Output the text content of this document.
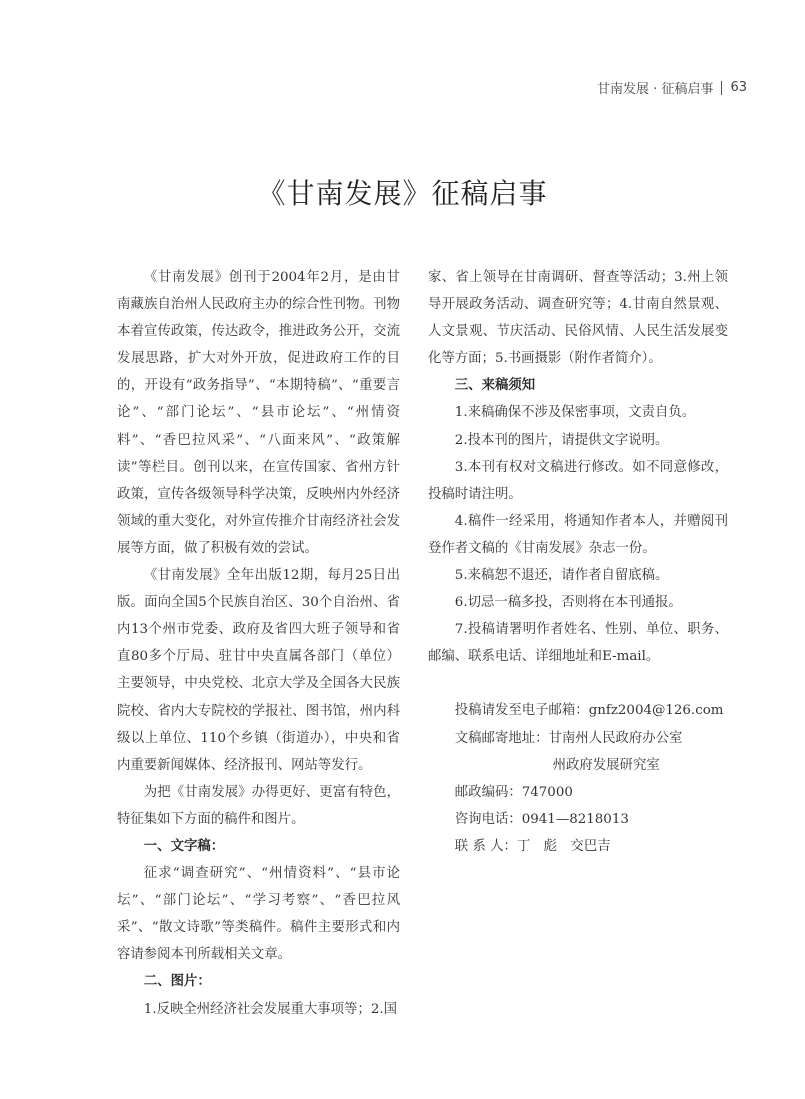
甘南发展 · 征稿启事 63
《甘南发展》征稿启事

《甘南发展》创刊于2004年2月，是由甘南藏族自治州人民政府主办的综合性刊物。刊物本着宣传政策，传达政令，推进政务公开，交流发展思路，扩大对外开放，促进政府工作的目的，开设有“政务指导”、“本期特稿”、“重要言论”、“部门论坛”、“县市论坛”、“州情资料”、“香巴拉风采”、“八面来风”、“政策解读”等栏目。创刊以来，在宣传国家、省州方针政策，宣传各级领导科学决策，反映州内外经济领域的重大变化，对外宣传推介甘南经济社会发展等方面，做了积极有效的尝试。

《甘南发展》全年出版12期，每月25日出版。面向全国5个民族自治区、30个自治州、省内13个州市党委、政府及省四大班子领导和省直80多个厅局、驻甘中央直属各部门（单位）主要领导，中央党校、北京大学及全国各大民族院校、省内大专院校的学报社、图书馆，州内科级以上单位、110个乡镇（街道办），中央和省内重要新闻媒体、经济报刊、网站等发行。

为把《甘南发展》办得更好、更富有特色，特征集如下方面的稿件和图片。

一、文字稿：

征求“调查研究”、“州情资料”、“县市论坛”、“部门论坛”、“学习考察”、“香巴拉风采”、“散文诗歌”等类稿件。稿件主要形式和内容请参阅本刊所载相关文章。

二、图片：

1.反映全州经济社会发展重大事项等；2.国

家、省上领导在甘南调研、督查等活动；3.州上领导开展政务活动、调查研究等；4.甘南自然景观、人文景观、节庆活动、民俗风情、人民生活发展变化等方面；5.书画摄影（附作者简介）。

三、来稿须知

1.来稿确保不涉及保密事项，文责自负。

2.投本刊的图片，请提供文字说明。

3.本刊有权对文稿进行修改。如不同意修改，投稿时请注明。

4.稿件一经采用，将通知作者本人，并赠阅刊登作者文稿的《甘南发展》杂志一份。

5.来稿恕不退还，请作者自留底稿。

6.切忌一稿多投，否则将在本刊通报。

7.投稿请署明作者姓名、性别、单位、职务、邮编、联系电话、详细地址和E-mail。

投稿请发至电子邮箱：gnfz2004@126.com

文稿邮寄地址：甘南州人民政府办公室

州政府发展研究室

邮政编码：747000

咨询电话：0941—8218013

联 系 人：丁　彪　交巴吉
